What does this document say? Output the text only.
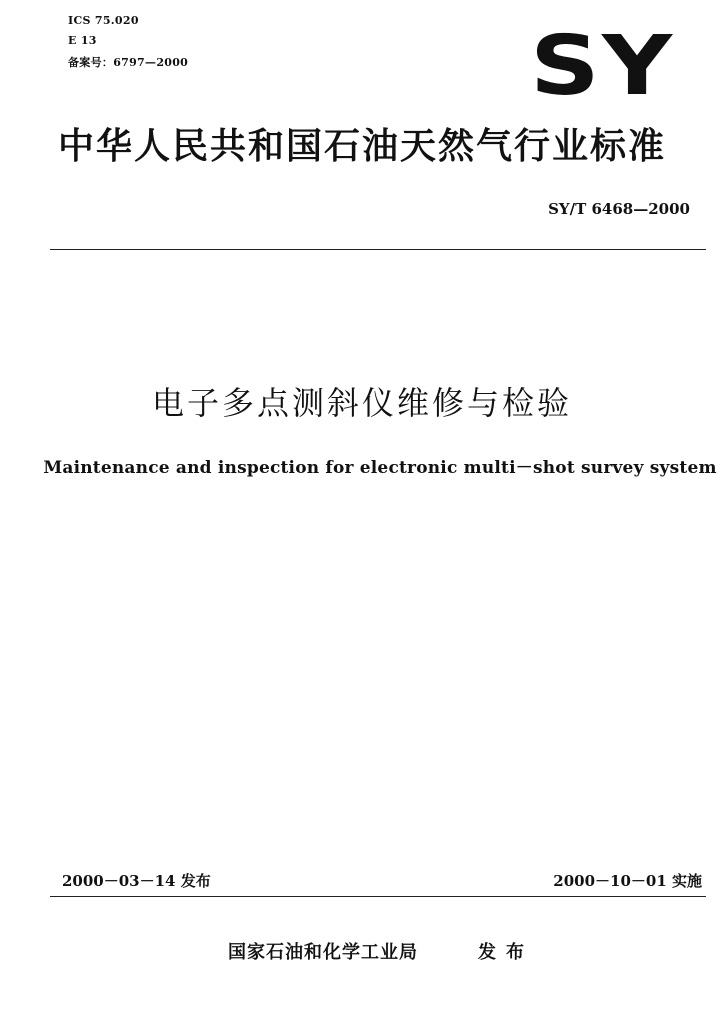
ICS 75.020
E 13
备案号：6797—2000	SY
中华人民共和国石油天然气行业标准
SY/T 6468—2000
电子多点测斜仪维修与检验
Maintenance and inspection for electronic multi－shot survey system
2000－03－14 发布	2000－10－01 实施
国家石油和化学工业局	发布
